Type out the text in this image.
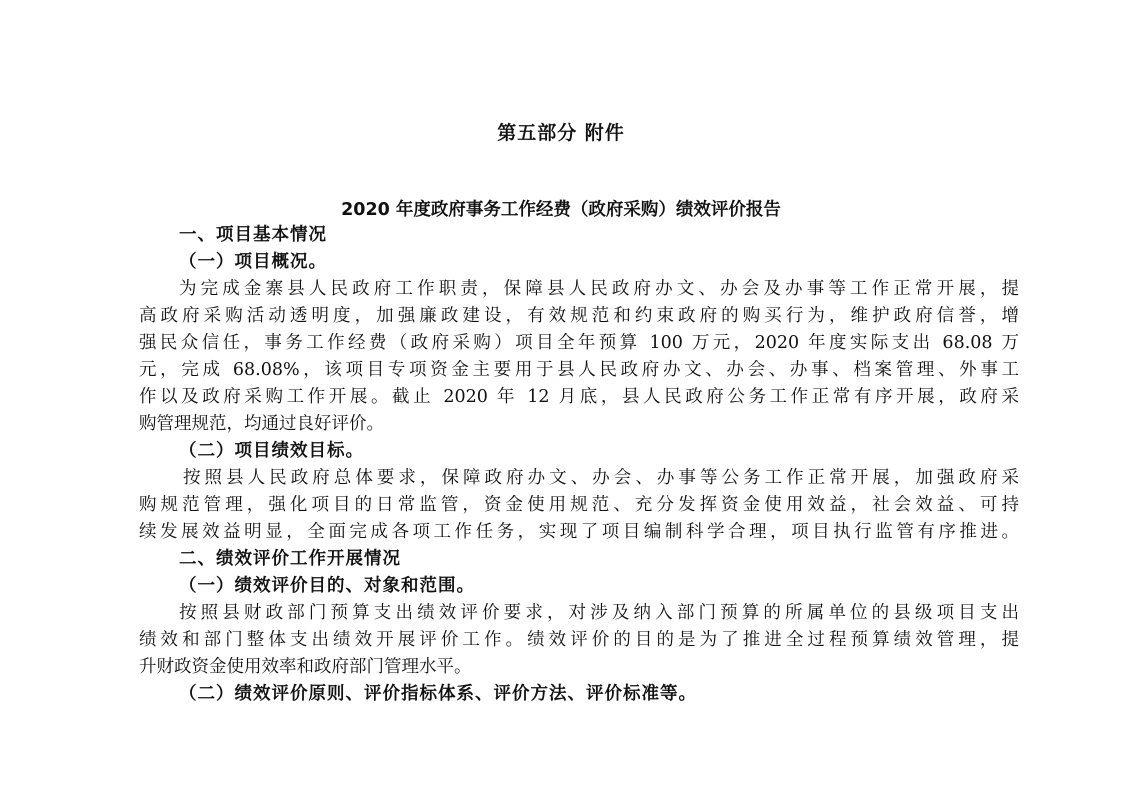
第五部分 附件
2020 年度政府事务工作经费（政府采购）绩效评价报告

一、项目基本情况

（一）项目概况。

为完成金寨县人民政府工作职责，保障县人民政府办文、办会及办事等工作正常开展，提

高政府采购活动透明度，加强廉政建设，有效规范和约束政府的购买行为，维护政府信誉，增

强民众信任，事务工作经费（政府采购）项目全年预算 100 万元，2020 年度实际支出 68.08 万

元，完成 68.08%，该项目专项资金主要用于县人民政府办文、办会、办事、档案管理、外事工

作以及政府采购工作开展。截止 2020 年 12 月底，县人民政府公务工作正常有序开展，政府采

购管理规范，均通过良好评价。

（二）项目绩效目标。

按照县人民政府总体要求，保障政府办文、办会、办事等公务工作正常开展，加强政府采

购规范管理，强化项目的日常监管，资金使用规范、充分发挥资金使用效益，社会效益、可持

续发展效益明显，全面完成各项工作任务，实现了项目编制科学合理，项目执行监管有序推进。

二、绩效评价工作开展情况

（一）绩效评价目的、对象和范围。

按照县财政部门预算支出绩效评价要求，对涉及纳入部门预算的所属单位的县级项目支出

绩效和部门整体支出绩效开展评价工作。绩效评价的目的是为了推进全过程预算绩效管理，提

升财政资金使用效率和政府部门管理水平。

（二）绩效评价原则、评价指标体系、评价方法、评价标准等。
